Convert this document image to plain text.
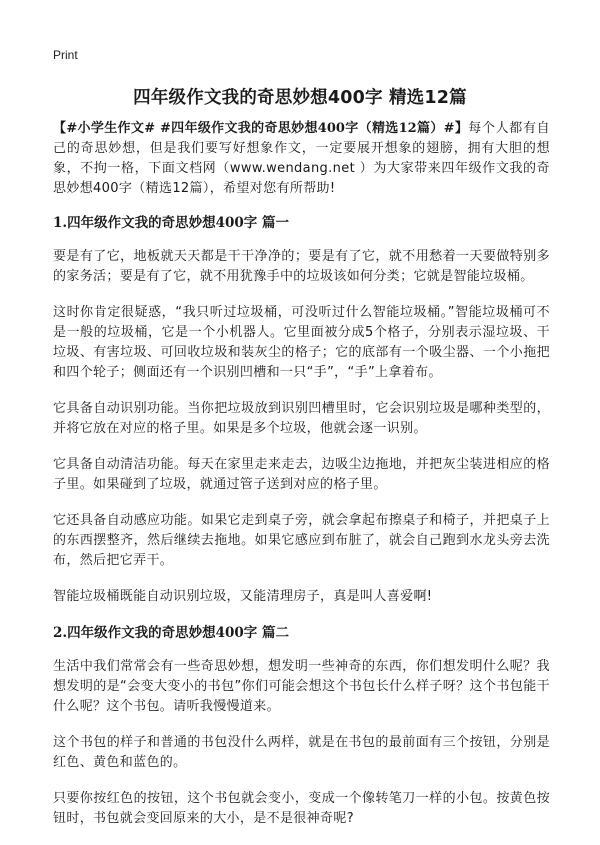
Print
四年级作文我的奇思妙想400字 精选12篇

【#小学生作文# #四年级作文我的奇思妙想400字（精选12篇）#】每个人都有自己的奇思妙想，但是我们要写好想象作文，一定要展开想象的翅膀，拥有大胆的想象，不拘一格，下面文档网（www.wendang.net ）为大家带来四年级作文我的奇思妙想400字（精选12篇），希望对您有所帮助!

1.四年级作文我的奇思妙想400字 篇一

要是有了它，地板就天天都是干干净净的；要是有了它，就不用愁着一天要做特别多的家务活；要是有了它，就不用犹豫手中的垃圾该如何分类；它就是智能垃圾桶。

这时你肯定很疑惑，“我只听过垃圾桶，可没听过什么智能垃圾桶。”智能垃圾桶可不是一般的垃圾桶，它是一个小机器人。它里面被分成5个格子，分别表示湿垃圾、干垃圾、有害垃圾、可回收垃圾和装灰尘的格子；它的底部有一个吸尘器、一个小拖把和四个轮子；侧面还有一个识别凹槽和一只“手”，“手”上拿着布。

它具备自动识别功能。当你把垃圾放到识别凹槽里时，它会识别垃圾是哪种类型的，并将它放在对应的格子里。如果是多个垃圾，他就会逐一识别。

它具备自动清洁功能。每天在家里走来走去，边吸尘边拖地，并把灰尘装进相应的格子里。如果碰到了垃圾，就通过管子送到对应的格子里。

它还具备自动感应功能。如果它走到桌子旁，就会拿起布擦桌子和椅子，并把桌子上的东西摆整齐，然后继续去拖地。如果它感应到布脏了，就会自己跑到水龙头旁去洗布，然后把它弄干。

智能垃圾桶既能自动识别垃圾，又能清理房子，真是叫人喜爱啊!

2.四年级作文我的奇思妙想400字 篇二

生活中我们常常会有一些奇思妙想，想发明一些神奇的东西，你们想发明什么呢？我想发明的是“会变大变小的书包”你们可能会想这个书包长什么样子呀？这个书包能干什么呢？这个书包。请听我慢慢道来。

这个书包的样子和普通的书包没什么两样，就是在书包的最前面有三个按钮，分别是红色、黄色和蓝色的。

只要你按红色的按钮，这个书包就会变小，变成一个像转笔刀一样的小包。按黄色按钮时，书包就会变回原来的大小，是不是很神奇呢?
